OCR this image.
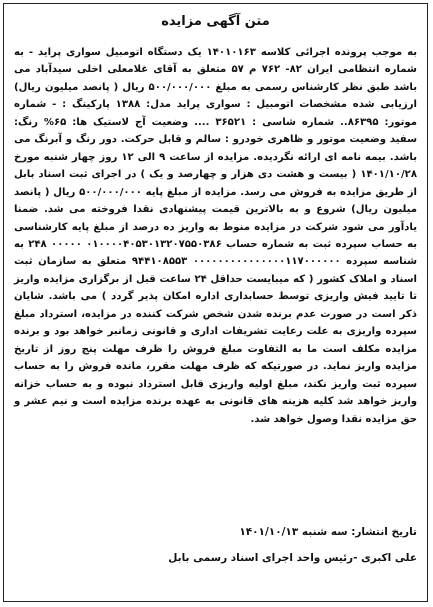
متن آگهی مزایده

به موجب پرونده اجرائی کلاسه ۱۴۰۱۰۱۶۳ یک دستگاه اتومبیل سواری پراید - به شماره انتظامی ایران ۸۲- ۷۶۲ م ۵۷ متعلق به آقای غلامعلی اخلی سیدآباد می باشد طبق نظر کارشناس رسمی به مبلغ ۵۰۰/۰۰۰/۰۰۰ ریال ( پانصد میلیون ریال) ارزیابی شده مشخصات اتومبیل : سواری پراید مدل: ۱۳۸۸ پارکینگ : - شماره موتور: ۸۶۳۹۵.. شماره شاسی : ۳۶۵۲۱ .... وضعیت آج لاستیک ها: ۶۵% رنگ: سفید وضعیت موتور و ظاهری خودرو : سالم و قابل حرکت. دور رنگ و آبرنگ می باشد. بیمه نامه ای ارائه نگردیده. مزایده از ساعت ۹ الی ۱۲ روز چهار شنبه مورخ ۱۴۰۱/۱۰/۲۸ ( بیست و هشت دی هزار و چهارصد و یک ) در اجرای ثبت اسناد بابل از طریق مزایده به فروش می رسد. مزایده از مبلغ پایه ۵۰۰/۰۰۰/۰۰۰ ریال ( پانصد میلیون ریال) شروع و به بالاترین قیمت پیشنهادی نقدا فروخته می شد. ضمنا یادآور می شود شرکت در مزایده منوط به واریز ده درصد از مبلغ پایه کارشناسی به حساب سپرده ثبت به شماره حساب ۰۱۰۰۰۰۴۰۵۳۰۱۳۲۰۷۵۵۰۳۸۶ ۰۰۰۰۰ ۲۴۸ به شناسه سپرده ۰۰۰۰۰۰۰۰۰۰۰۰۰۰۰۱۱۷۰۰۰۰۰۰ ۹۴۴۱۰۸۵۵۳ متعلق به سازمان ثبت اسناد و املاک کشور ( که میبایست حداقل ۲۴ ساعت قبل از برگزاری مزایده واریز تا تایید فیش واریزی توسط حسابداری اداره امکان پذیر گردد ) می باشد. شایان ذکر است در صورت عدم برنده شدن شخص شرکت کننده در مزایده، استرداد مبلغ سپرده واریزی به علت رعایت تشریفات اداری و قانونی زمانبر خواهد بود و برنده مزایده مکلف است ما به التفاوت مبلغ فروش را ظرف مهلت پنج روز از تاریخ مزایده واریز نماید. در صورتیکه که ظرف مهلت مقرر، مانده فروش را به حساب سپرده ثبت واریز نکند، مبلغ اولیه واریزی قابل استرداد نبوده و به حساب خزانه واریز خواهد شد کلیه هزینه های قانونی به عهده برنده مزایده است و نیم عشر و حق مزایده نقدا وصول خواهد شد.

تاریخ انتشار: سه شنبه ۱۴۰۱/۱۰/۱۳

علی اکبری -رئیس واحد اجرای اسناد رسمی بابل
